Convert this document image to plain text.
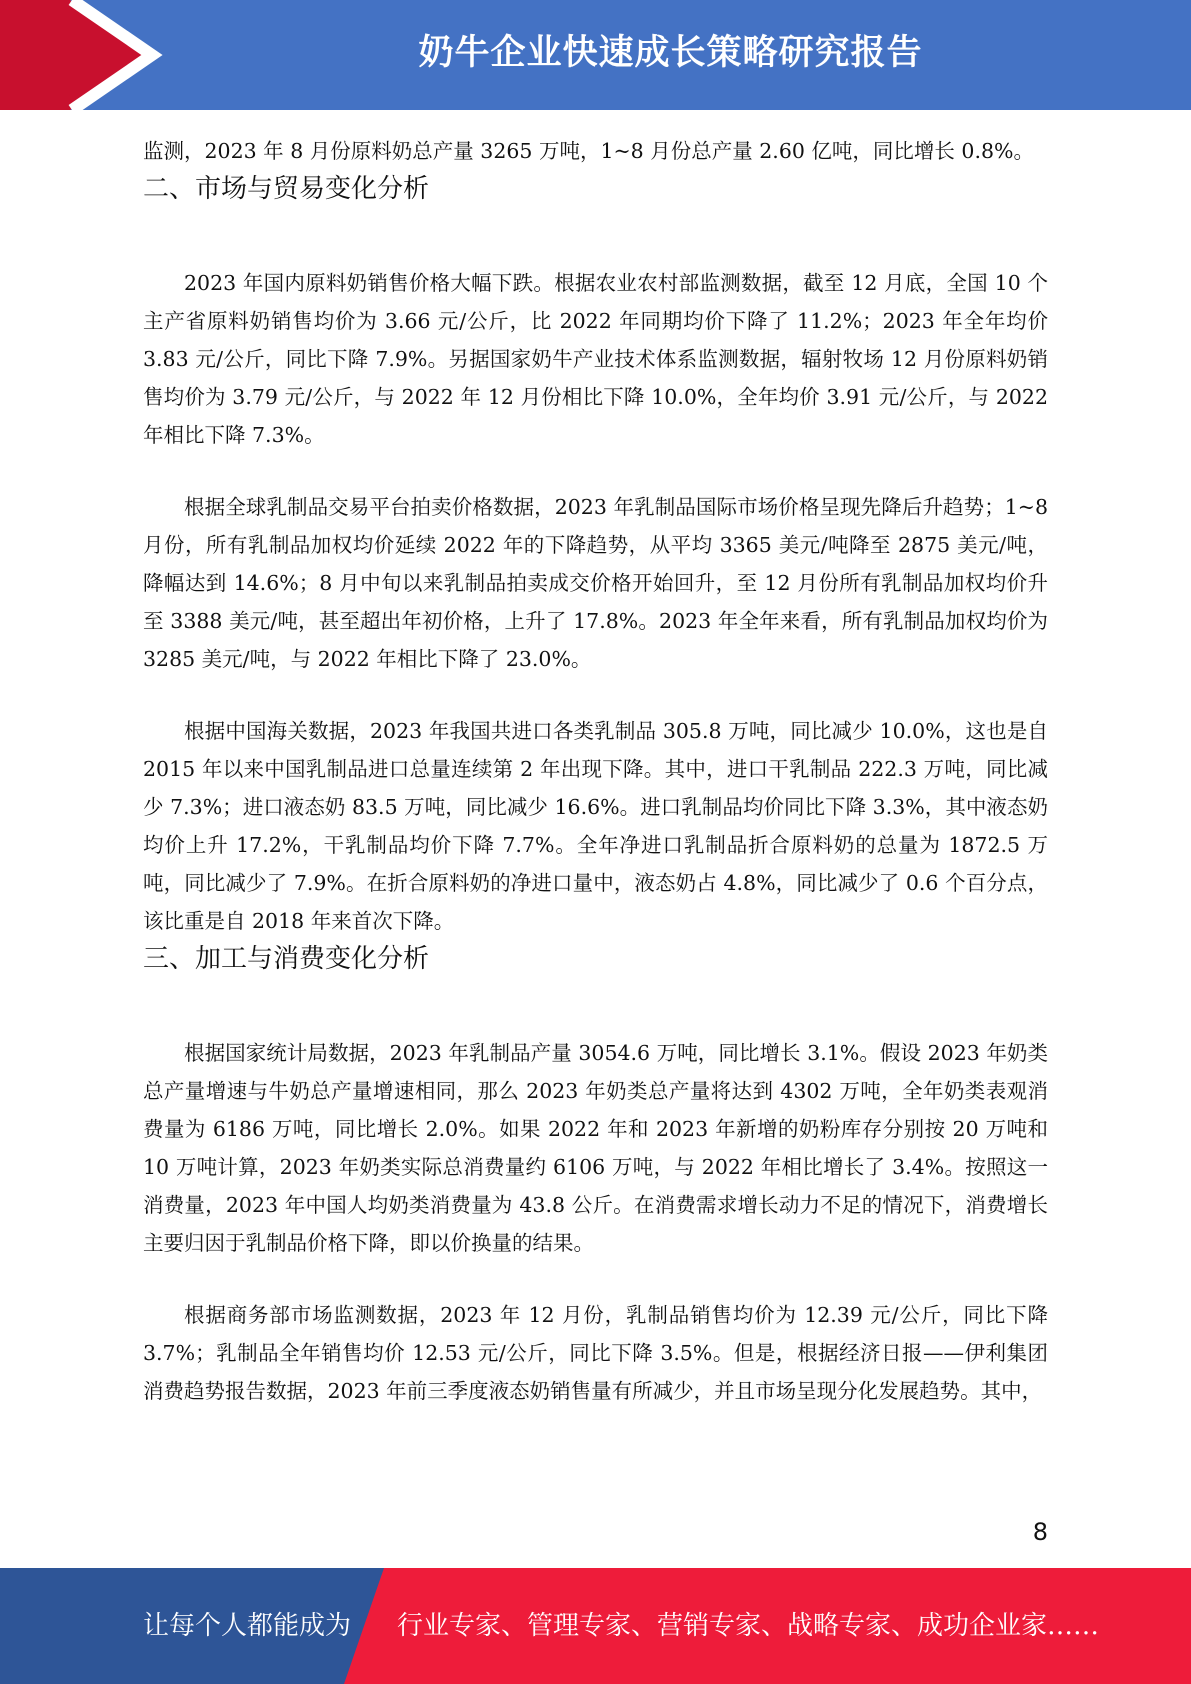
奶牛企业快速成长策略研究报告

监测，2023 年 8 月份原料奶总产量 3265 万吨，1~8 月份总产量 2.60 亿吨，同比增长 0.8%。

二、市场与贸易变化分析

2023 年国内原料奶销售价格大幅下跌。根据农业农村部监测数据，截至 12 月底，全国 10 个主产省原料奶销售均价为 3.66 元/公斤，比 2022 年同期均价下降了 11.2%；2023 年全年均价 3.83 元/公斤，同比下降 7.9%。另据国家奶牛产业技术体系监测数据，辐射牧场 12 月份原料奶销售均价为 3.79 元/公斤，与 2022 年 12 月份相比下降 10.0%，全年均价 3.91 元/公斤，与 2022 年相比下降 7.3%。

根据全球乳制品交易平台拍卖价格数据，2023 年乳制品国际市场价格呈现先降后升趋势；1~8 月份，所有乳制品加权均价延续 2022 年的下降趋势，从平均 3365 美元/吨降至 2875 美元/吨，降幅达到 14.6%；8 月中旬以来乳制品拍卖成交价格开始回升，至 12 月份所有乳制品加权均价升至 3388 美元/吨，甚至超出年初价格，上升了 17.8%。2023 年全年来看，所有乳制品加权均价为 3285 美元/吨，与 2022 年相比下降了 23.0%。

根据中国海关数据，2023 年我国共进口各类乳制品 305.8 万吨，同比减少 10.0%，这也是自 2015 年以来中国乳制品进口总量连续第 2 年出现下降。其中，进口干乳制品 222.3 万吨，同比减少 7.3%；进口液态奶 83.5 万吨，同比减少 16.6%。进口乳制品均价同比下降 3.3%，其中液态奶均价上升 17.2%，干乳制品均价下降 7.7%。全年净进口乳制品折合原料奶的总量为 1872.5 万吨，同比减少了 7.9%。在折合原料奶的净进口量中，液态奶占 4.8%，同比减少了 0.6 个百分点，该比重是自 2018 年来首次下降。

三、加工与消费变化分析

根据国家统计局数据，2023 年乳制品产量 3054.6 万吨，同比增长 3.1%。假设 2023 年奶类总产量增速与牛奶总产量增速相同，那么 2023 年奶类总产量将达到 4302 万吨，全年奶类表观消费量为 6186 万吨，同比增长 2.0%。如果 2022 年和 2023 年新增的奶粉库存分别按 20 万吨和 10 万吨计算，2023 年奶类实际总消费量约 6106 万吨，与 2022 年相比增长了 3.4%。按照这一消费量，2023 年中国人均奶类消费量为 43.8 公斤。在消费需求增长动力不足的情况下，消费增长主要归因于乳制品价格下降，即以价换量的结果。

根据商务部市场监测数据，2023 年 12 月份，乳制品销售均价为 12.39 元/公斤，同比下降 3.7%；乳制品全年销售均价 12.53 元/公斤，同比下降 3.5%。但是，根据经济日报——伊利集团消费趋势报告数据，2023 年前三季度液态奶销售量有所减少，并且市场呈现分化发展趋势。其中，

8
让每个人都能成为 行业专家、管理专家、营销专家、战略专家、成功企业家……
